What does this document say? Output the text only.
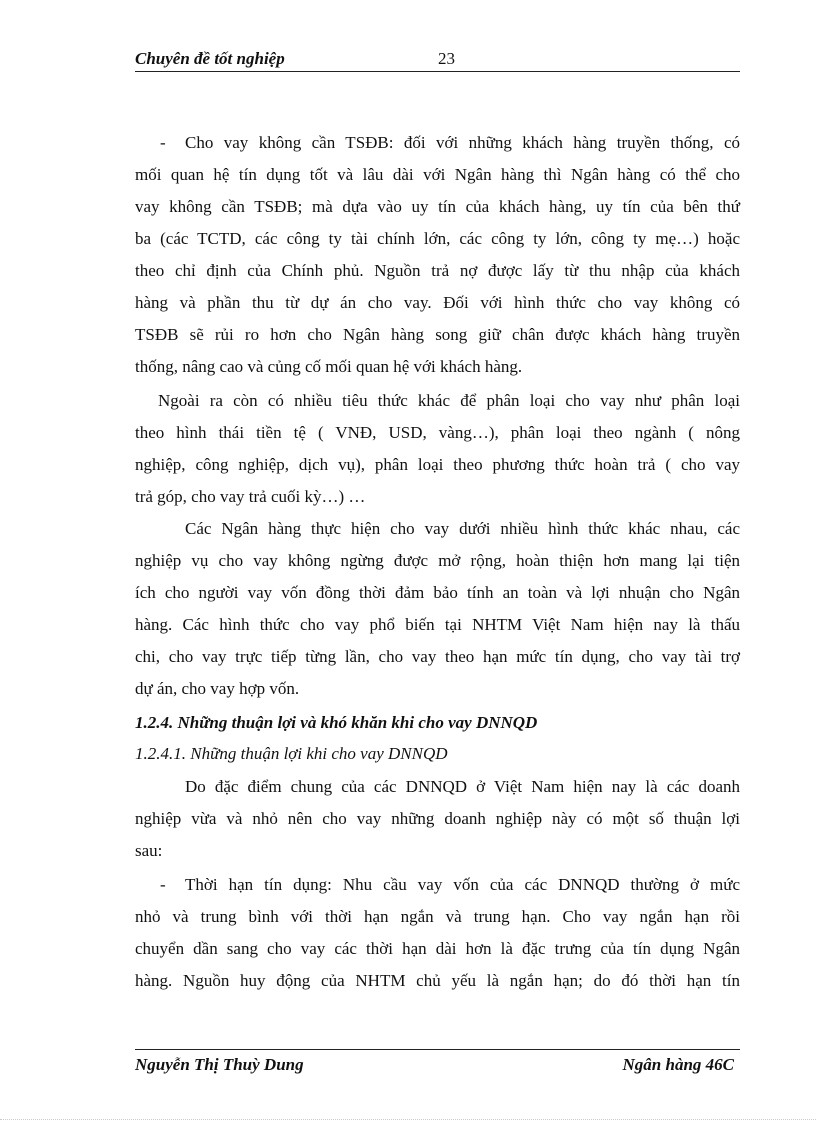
Chuyên đề tốt nghiệp	23
- Cho vay không cần TSĐB: đối với những khách hàng truyền thống, có
mối quan hệ tín dụng tốt và lâu dài với Ngân hàng thì Ngân hàng có thể cho
vay không cần TSĐB; mà dựa vào uy tín của khách hàng, uy tín của bên thứ
ba (các TCTD, các công ty tài chính lớn, các công ty lớn, công ty mẹ…) hoặc
theo chỉ định của Chính phủ. Nguồn trả nợ được lấy từ thu nhập của khách
hàng và phần thu từ dự án cho vay. Đối với hình thức cho vay không có
TSĐB sẽ rủi ro hơn cho Ngân hàng song giữ chân được khách hàng truyền
thống, nâng cao và củng cố mối quan hệ với khách hàng.
Ngoài ra còn có nhiều tiêu thức khác để phân loại cho vay như phân loại
theo hình thái tiền tệ ( VNĐ, USD, vàng…), phân loại theo ngành ( nông
nghiệp, công nghiệp, dịch vụ), phân loại theo phương thức hoàn trả ( cho vay
trả góp, cho vay trả cuối kỳ…) …
Các Ngân hàng thực hiện cho vay dưới nhiều hình thức khác nhau, các
nghiệp vụ cho vay không ngừng được mở rộng, hoàn thiện hơn mang lại tiện
ích cho người vay vốn đồng thời đảm bảo tính an toàn và lợi nhuận cho Ngân
hàng. Các hình thức cho vay phổ biến tại NHTM Việt Nam hiện nay là thấu
chi, cho vay trực tiếp từng lần, cho vay theo hạn mức tín dụng, cho vay tài trợ
dự án, cho vay hợp vốn.
1.2.4. Những thuận lợi và khó khăn khi cho vay DNNQD
1.2.4.1. Những thuận lợi khi cho vay DNNQD
Do đặc điểm chung của các DNNQD ở Việt Nam hiện nay là các doanh
nghiệp vừa và nhỏ nên cho vay những doanh nghiệp này có một số thuận lợi
sau:
- Thời hạn tín dụng: Nhu cầu vay vốn của các DNNQD thường ở mức
nhỏ và trung bình với thời hạn ngắn và trung hạn. Cho vay ngắn hạn rồi
chuyển dần sang cho vay các thời hạn dài hơn là đặc trưng của tín dụng Ngân
hàng. Nguồn huy động của NHTM chủ yếu là ngắn hạn; do đó thời hạn tín
Nguyễn Thị Thuỳ Dung	Ngân hàng 46C
